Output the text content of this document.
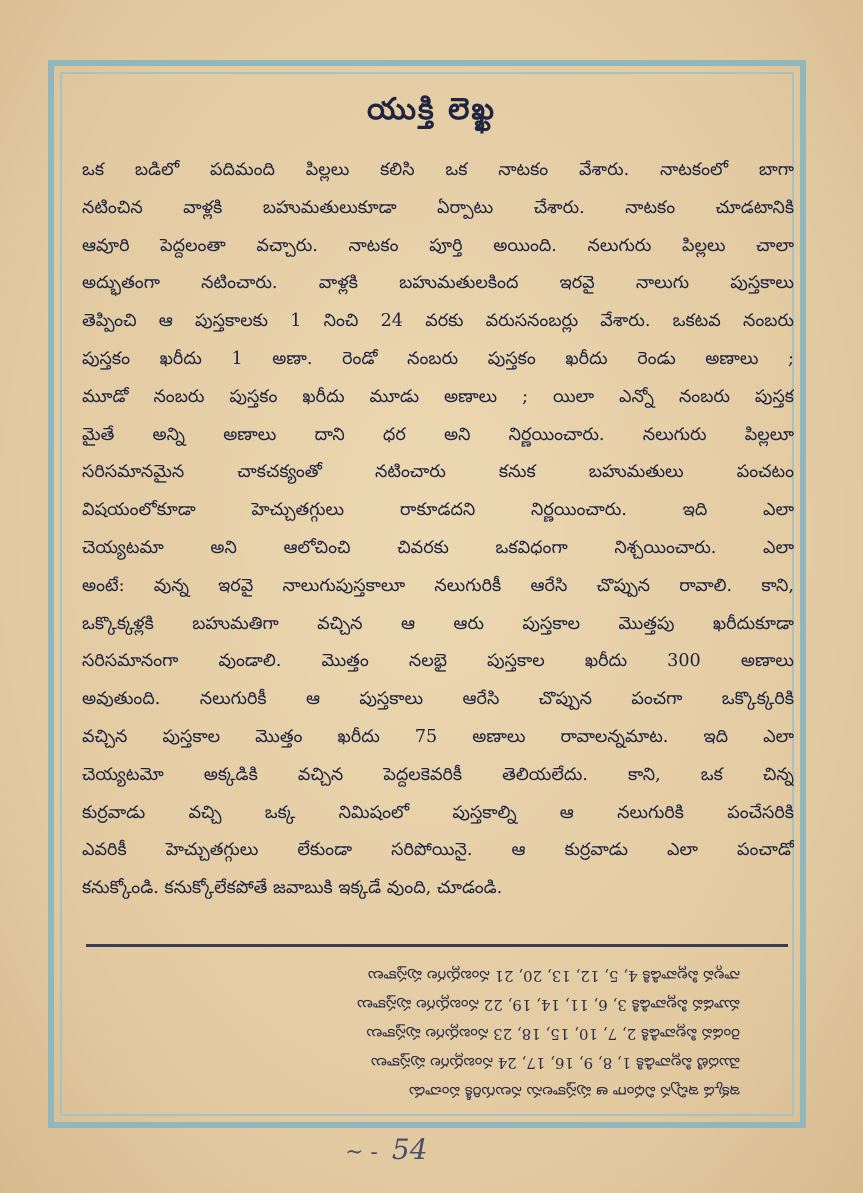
యుక్తి లెఖ్ఖ
ఒక బడిలో పదిమంది పిల్లలు కలిసి ఒక నాటకం వేశారు. నాటకంలో బాగా
నటించిన వాళ్లకి బహుమతులుకూడా ఏర్పాటు చేశారు. నాటకం చూడటానికి
ఆవూరి పెద్దలంతా వచ్చారు. నాటకం పూర్తి అయింది. నలుగురు పిల్లలు చాలా
అద్భుతంగా నటించారు. వాళ్లకి బహుమతులకింద ఇరవై నాలుగు పుస్తకాలు
తెప్పించి ఆ పుస్తకాలకు 1 నించి 24 వరకు వరుసనంబర్లు వేశారు. ఒకటవ నంబరు
పుస్తకం ఖరీదు 1 అణా. రెండో నంబరు పుస్తకం ఖరీదు రెండు అణాలు ;
మూడో నంబరు పుస్తకం ఖరీదు మూడు అణాలు ; యిలా ఎన్నో నంబరు పుస్తక
మైతే అన్ని అణాలు దాని ధర అని నిర్ణయించారు. నలుగురు పిల్లలూ
సరిసమానమైన చాకచక్యంతో నటించారు కనుక బహుమతులు పంచటం
విషయంలోకూడా హెచ్చుతగ్గులు రాకూడదని నిర్ణయించారు. ఇది ఎలా
చెయ్యటమా అని ఆలోచించి చివరకు ఒకవిధంగా నిశ్చయించారు. ఎలా
అంటే: వున్న ఇరవై నాలుగుపుస్తకాలూ నలుగురికీ ఆరేసి చొప్పున రావాలి. కాని,
ఒక్కొక్కళ్లకి బహుమతిగా వచ్చిన ఆ ఆరు పుస్తకాల మొత్తపు ఖరీదుకూడా
సరిసమానంగా వుండాలి. మొత్తం నలభై పుస్తకాల ఖరీదు 300 అణాలు
అవుతుంది. నలుగురికీ ఆ పుస్తకాలు ఆరేసి చొప్పున పంచగా ఒక్కొక్కరికి
వచ్చిన పుస్తకాల మొత్తం ఖరీదు 75 అణాలు రావాలన్నమాట. ఇది ఎలా
చెయ్యటమో అక్కడికి వచ్చిన పెద్దలకెవరికీ తెలియలేదు. కాని, ఒక చిన్న
కుర్రవాడు వచ్చి ఒక్క నిమిషంలో పుస్తకాల్ని ఆ నలుగురికి పంచేసరికి
ఎవరికీ హెచ్చుతగ్గులు లేకుండా సరిపోయినై. ఆ కుర్రవాడు ఎలా పంచాడో
కనుక్కోండి. కనుక్కోలేకపోతే జవాబుకి ఇక్కడే వుంది, చూడండి.
ఇక్కడ ఇచ్చిన విధంగా ఆ పుస్తకాలను నలుగురికీ పంచాడు
మొదటి పిల్లవాడికి 1, 8, 9, 16, 17, 24 నంబర్లుగల పుస్తకాలు
రెండవ పిల్లవాడికి 2, 7, 10, 15, 18, 23 నంబర్లుగల పుస్తకాలు
మూడవ పిల్లవాడికి 3, 6, 11, 14, 19, 22 నంబర్లుగల పుస్తకాలు
నాల్గవ పిల్లవాడికి 4, 5, 12, 13, 20, 21 నంబర్లుగల పుస్తకాలు
~ - 54
